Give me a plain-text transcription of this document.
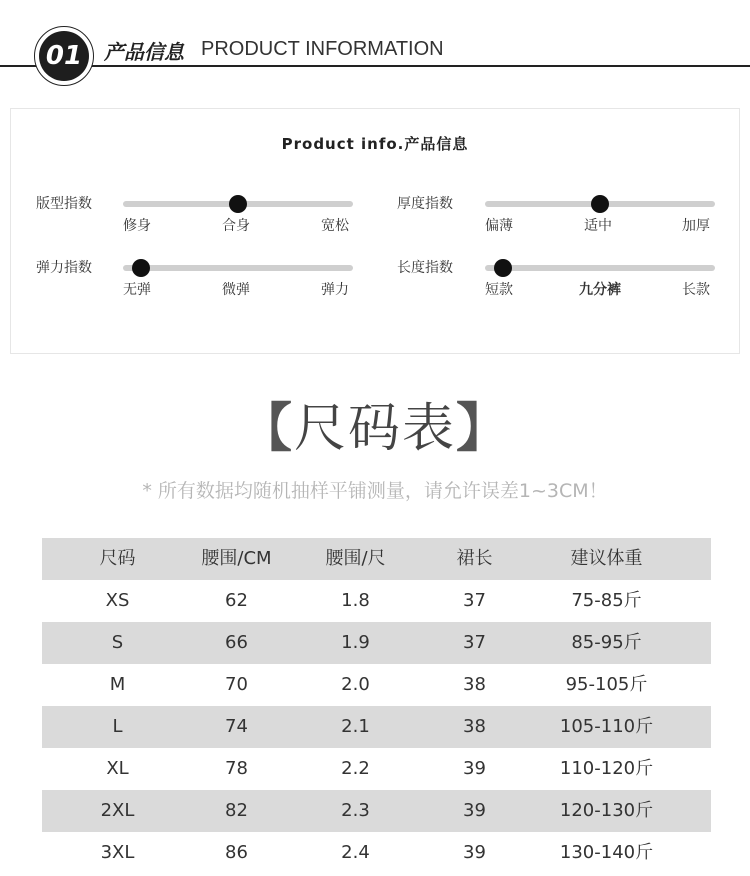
01	产品信息 PRODUCT INFORMATION
Product info.产品信息
版型指数
修身	合身	宽松
厚度指数
偏薄	适中	加厚
弹力指数
无弹	微弹	弹力
长度指数
短款	九分裤	长款
【尺码表】
* 所有数据均随机抽样平铺测量，请允许误差1~3CM！
尺码	腰围/CM	腰围/尺	裙长	建议体重
XS	62	1.8	37	75-85斤
S	66	1.9	37	85-95斤
M	70	2.0	38	95-105斤
L	74	2.1	38	105-110斤
XL	78	2.2	39	110-120斤
2XL	82	2.3	39	120-130斤
3XL	86	2.4	39	130-140斤
